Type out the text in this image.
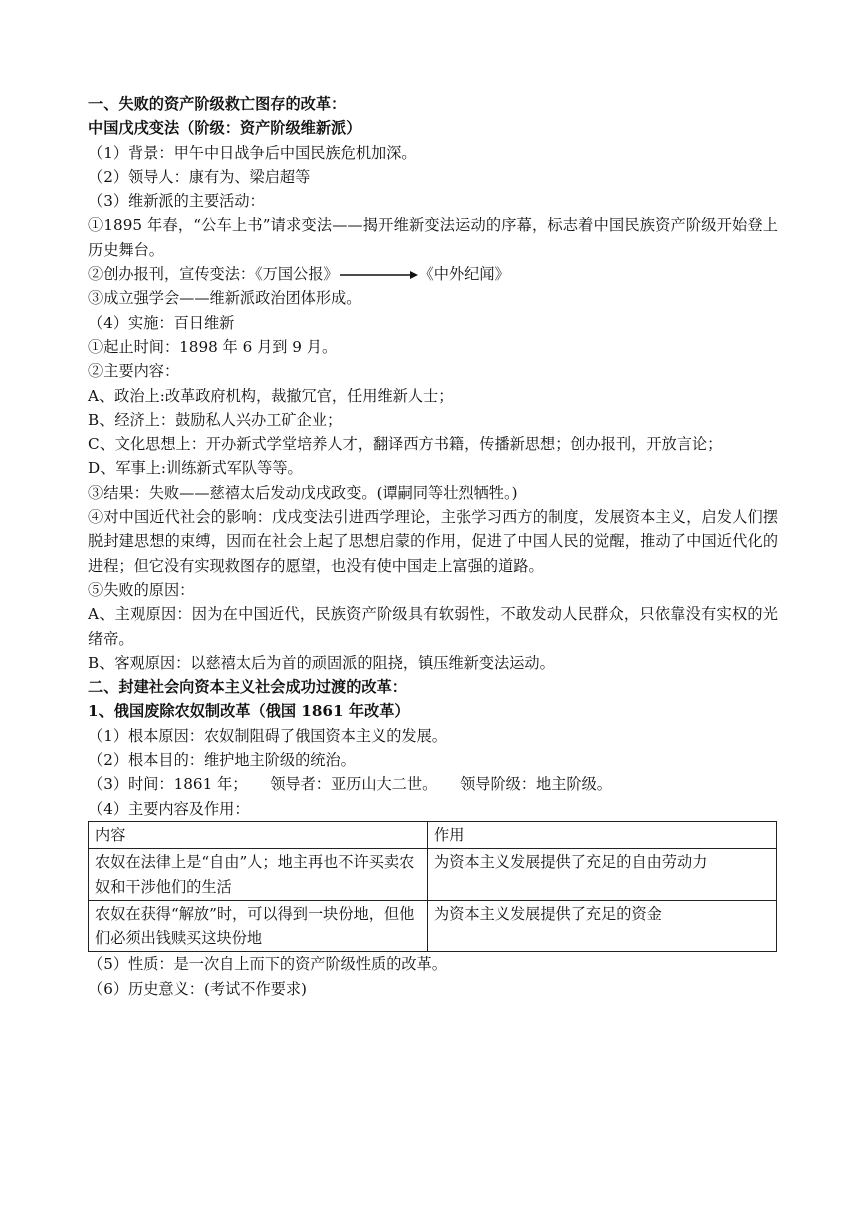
一、失败的资产阶级救亡图存的改革：
中国戊戌变法（阶级：资产阶级维新派）
（1）背景：甲午中日战争后中国民族危机加深。
（2）领导人：康有为、梁启超等
（3）维新派的主要活动：
①1895 年春，“公车上书”请求变法——揭开维新变法运动的序幕，标志着中国民族资产阶级开始登上历史舞台。
②创办报刊，宣传变法：《万国公报》	《中外纪闻》
③成立强学会——维新派政治团体形成。
（4）实施：百日维新
①起止时间：1898 年 6 月到 9 月。
②主要内容：
A、政治上:改革政府机构，裁撤冗官，任用维新人士；
B、经济上：鼓励私人兴办工矿企业；
C、文化思想上：开办新式学堂培养人才，翻译西方书籍，传播新思想；创办报刊，开放言论；
D、军事上:训练新式军队等等。
③结果：失败——慈禧太后发动戊戌政变。(谭嗣同等壮烈牺牲。)
④对中国近代社会的影响：戊戌变法引进西学理论，主张学习西方的制度，发展资本主义，启发人们摆脱封建思想的束缚，因而在社会上起了思想启蒙的作用，促进了中国人民的觉醒，推动了中国近代化的进程；但它没有实现救图存的愿望，也没有使中国走上富强的道路。
⑤失败的原因：
A、主观原因：因为在中国近代，民族资产阶级具有软弱性，不敢发动人民群众，只依靠没有实权的光绪帝。
B、客观原因：以慈禧太后为首的顽固派的阻挠，镇压维新变法运动。
二、封建社会向资本主义社会成功过渡的改革：
1、俄国废除农奴制改革（俄国 1861 年改革）
（1）根本原因：农奴制阻碍了俄国资本主义的发展。
（2）根本目的：维护地主阶级的统治。
（3）时间：1861 年；　　领导者：亚历山大二世。　　领导阶级：地主阶级。
（4）主要内容及作用：
内容	作用
农奴在法律上是“自由”人；地主再也不许买卖农奴和干涉他们的生活	为资本主义发展提供了充足的自由劳动力
农奴在获得“解放”时，可以得到一块份地，但他们必须出钱赎买这块份地	为资本主义发展提供了充足的资金
（5）性质：是一次自上而下的资产阶级性质的改革。
（6）历史意义：(考试不作要求)
